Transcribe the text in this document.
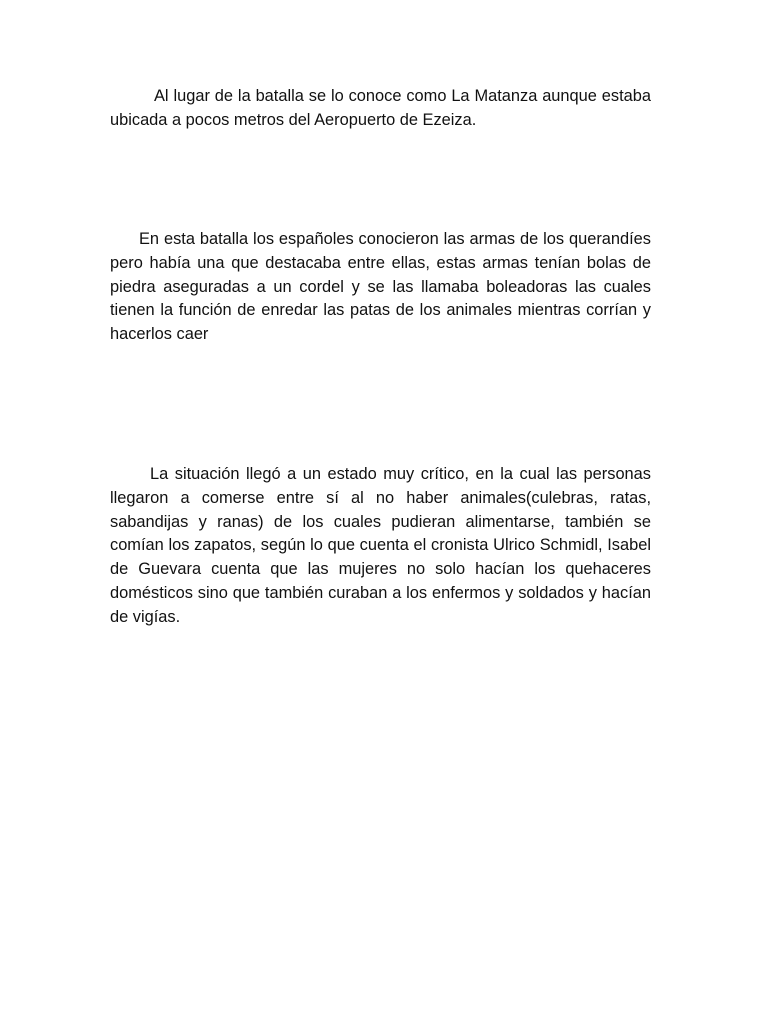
Al lugar de la batalla se lo conoce como La Matanza aunque estaba ubicada a pocos metros del Aeropuerto de Ezeiza.

En esta batalla los españoles conocieron las armas de los querandíes pero había una que destacaba entre ellas, estas armas tenían bolas de piedra aseguradas a un cordel y se las llamaba boleadoras las cuales tienen la función de enredar las patas de los animales mientras corrían y hacerlos caer

La situación llegó a un estado muy crítico, en la cual las personas llegaron a comerse entre sí al no haber animales(culebras, ratas, sabandijas y ranas) de los cuales pudieran alimentarse, también se comían los zapatos, según lo que cuenta el cronista Ulrico Schmidl, Isabel de Guevara cuenta que las mujeres no solo hacían los quehaceres domésticos sino que también curaban a los enfermos y soldados y hacían de vigías.
